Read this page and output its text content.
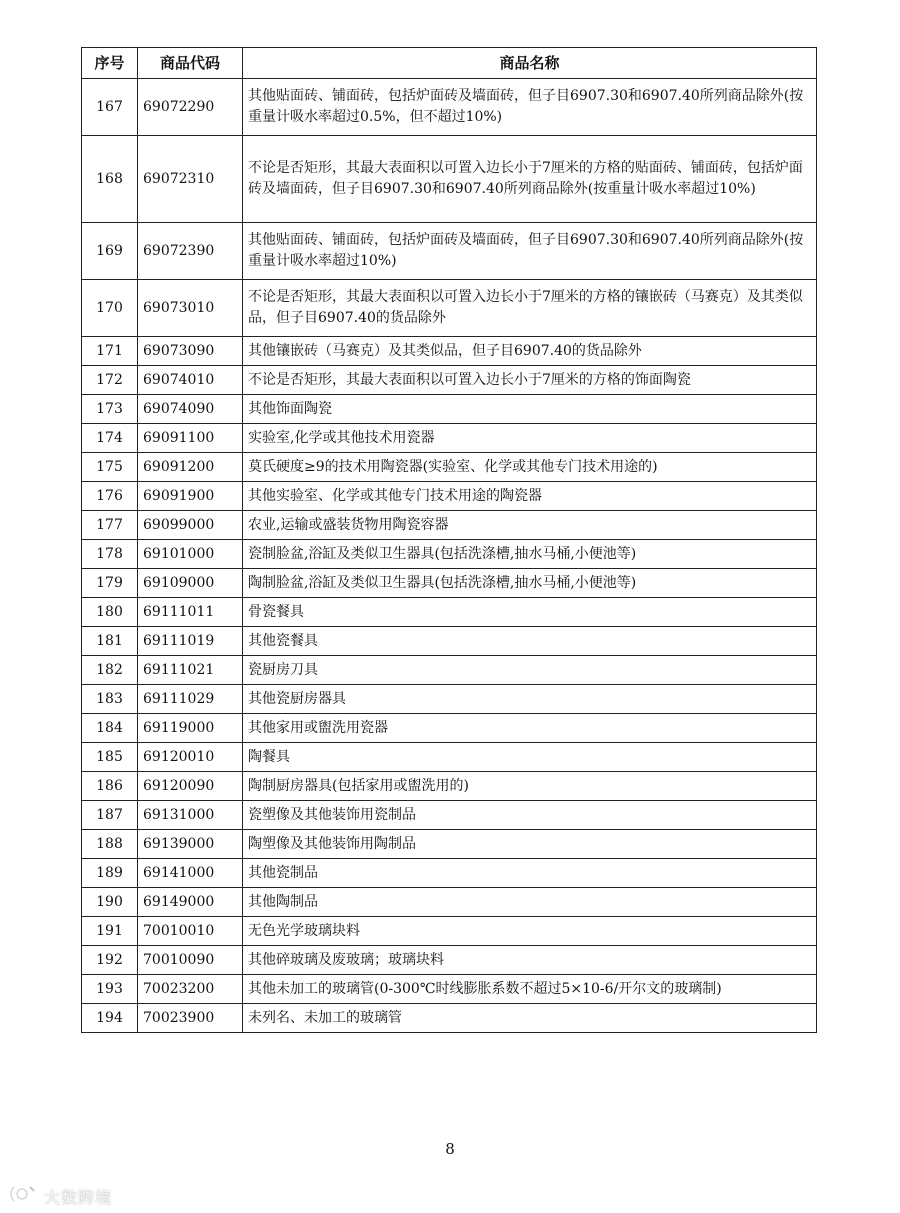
序号	商品代码	商品名称
167	69072290	其他贴面砖、铺面砖，包括炉面砖及墙面砖，但子目6907.30和6907.40所列商品除外(按重量计吸水率超过0.5%，但不超过10%)
168	69072310	不论是否矩形，其最大表面积以可置入边长小于7厘米的方格的贴面砖、铺面砖，包括炉面砖及墙面砖，但子目6907.30和6907.40所列商品除外(按重量计吸水率超过10%)
169	69072390	其他贴面砖、铺面砖，包括炉面砖及墙面砖，但子目6907.30和6907.40所列商品除外(按重量计吸水率超过10%)
170	69073010	不论是否矩形，其最大表面积以可置入边长小于7厘米的方格的镶嵌砖（马赛克）及其类似品，但子目6907.40的货品除外
171	69073090	其他镶嵌砖（马赛克）及其类似品，但子目6907.40的货品除外
172	69074010	不论是否矩形，其最大表面积以可置入边长小于7厘米的方格的饰面陶瓷
173	69074090	其他饰面陶瓷
174	69091100	实验室,化学或其他技术用瓷器
175	69091200	莫氏硬度≥9的技术用陶瓷器(实验室、化学或其他专门技术用途的)
176	69091900	其他实验室、化学或其他专门技术用途的陶瓷器
177	69099000	农业,运输或盛装货物用陶瓷容器
178	69101000	瓷制脸盆,浴缸及类似卫生器具(包括洗涤槽,抽水马桶,小便池等)
179	69109000	陶制脸盆,浴缸及类似卫生器具(包括洗涤槽,抽水马桶,小便池等)
180	69111011	骨瓷餐具
181	69111019	其他瓷餐具
182	69111021	瓷厨房刀具
183	69111029	其他瓷厨房器具
184	69119000	其他家用或盥洗用瓷器
185	69120010	陶餐具
186	69120090	陶制厨房器具(包括家用或盥洗用的)
187	69131000	瓷塑像及其他装饰用瓷制品
188	69139000	陶塑像及其他装饰用陶制品
189	69141000	其他瓷制品
190	69149000	其他陶制品
191	70010010	无色光学玻璃块料
192	70010090	其他碎玻璃及废玻璃；玻璃块料
193	70023200	其他未加工的玻璃管(0-300℃时线膨胀系数不超过5×10-6/开尔文的玻璃制)
194	70023900	未列名、未加工的玻璃管
8
大数跨境
